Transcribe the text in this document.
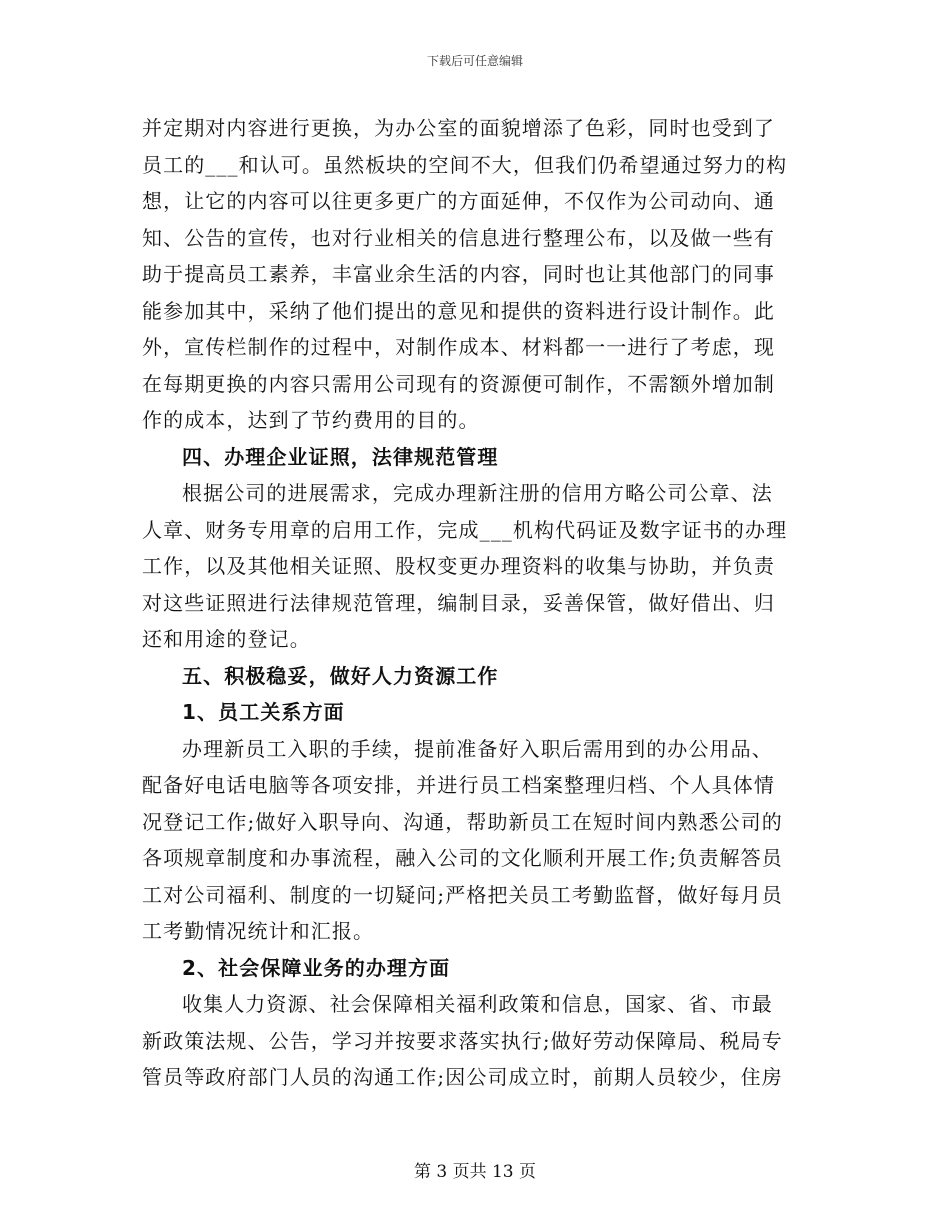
下载后可任意编辑

并定期对内容进行更换，为办公室的面貌增添了色彩，同时也受到了

员工的___和认可。虽然板块的空间不大，但我们仍希望通过努力的构

想，让它的内容可以往更多更广的方面延伸，不仅作为公司动向、通

知、公告的宣传，也对行业相关的信息进行整理公布，以及做一些有

助于提高员工素养，丰富业余生活的内容，同时也让其他部门的同事

能参加其中，采纳了他们提出的意见和提供的资料进行设计制作。此

外，宣传栏制作的过程中，对制作成本、材料都一一进行了考虑，现

在每期更换的内容只需用公司现有的资源便可制作，不需额外增加制

作的成本，达到了节约费用的目的。

四、办理企业证照，法律规范管理

根据公司的进展需求，完成办理新注册的信用方略公司公章、法

人章、财务专用章的启用工作，完成___机构代码证及数字证书的办理

工作，以及其他相关证照、股权变更办理资料的收集与协助，并负责

对这些证照进行法律规范管理，编制目录，妥善保管，做好借出、归

还和用途的登记。

五、积极稳妥，做好人力资源工作

1、员工关系方面

办理新员工入职的手续，提前准备好入职后需用到的办公用品、

配备好电话电脑等各项安排，并进行员工档案整理归档、个人具体情

况登记工作;做好入职导向、沟通，帮助新员工在短时间内熟悉公司的

各项规章制度和办事流程，融入公司的文化顺利开展工作;负责解答员

工对公司福利、制度的一切疑问;严格把关员工考勤监督，做好每月员

工考勤情况统计和汇报。

2、社会保障业务的办理方面

收集人力资源、社会保障相关福利政策和信息，国家、省、市最

新政策法规、公告，学习并按要求落实执行;做好劳动保障局、税局专

管员等政府部门人员的沟通工作;因公司成立时，前期人员较少，住房

第 3 页共 13 页
